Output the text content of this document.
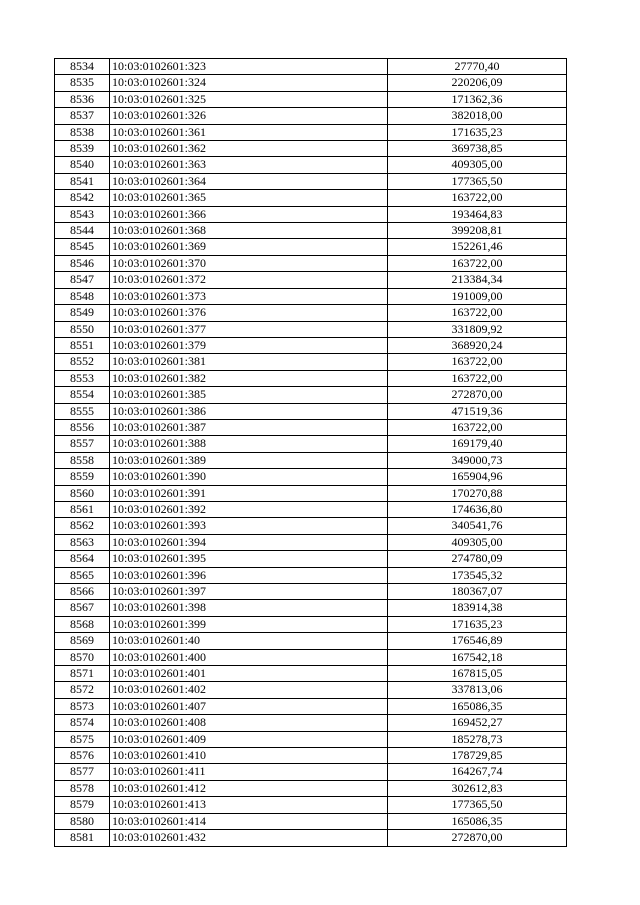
8534	10:03:0102601:323	27770,40
8535	10:03:0102601:324	220206,09
8536	10:03:0102601:325	171362,36
8537	10:03:0102601:326	382018,00
8538	10:03:0102601:361	171635,23
8539	10:03:0102601:362	369738,85
8540	10:03:0102601:363	409305,00
8541	10:03:0102601:364	177365,50
8542	10:03:0102601:365	163722,00
8543	10:03:0102601:366	193464,83
8544	10:03:0102601:368	399208,81
8545	10:03:0102601:369	152261,46
8546	10:03:0102601:370	163722,00
8547	10:03:0102601:372	213384,34
8548	10:03:0102601:373	191009,00
8549	10:03:0102601:376	163722,00
8550	10:03:0102601:377	331809,92
8551	10:03:0102601:379	368920,24
8552	10:03:0102601:381	163722,00
8553	10:03:0102601:382	163722,00
8554	10:03:0102601:385	272870,00
8555	10:03:0102601:386	471519,36
8556	10:03:0102601:387	163722,00
8557	10:03:0102601:388	169179,40
8558	10:03:0102601:389	349000,73
8559	10:03:0102601:390	165904,96
8560	10:03:0102601:391	170270,88
8561	10:03:0102601:392	174636,80
8562	10:03:0102601:393	340541,76
8563	10:03:0102601:394	409305,00
8564	10:03:0102601:395	274780,09
8565	10:03:0102601:396	173545,32
8566	10:03:0102601:397	180367,07
8567	10:03:0102601:398	183914,38
8568	10:03:0102601:399	171635,23
8569	10:03:0102601:40	176546,89
8570	10:03:0102601:400	167542,18
8571	10:03:0102601:401	167815,05
8572	10:03:0102601:402	337813,06
8573	10:03:0102601:407	165086,35
8574	10:03:0102601:408	169452,27
8575	10:03:0102601:409	185278,73
8576	10:03:0102601:410	178729,85
8577	10:03:0102601:411	164267,74
8578	10:03:0102601:412	302612,83
8579	10:03:0102601:413	177365,50
8580	10:03:0102601:414	165086,35
8581	10:03:0102601:432	272870,00
